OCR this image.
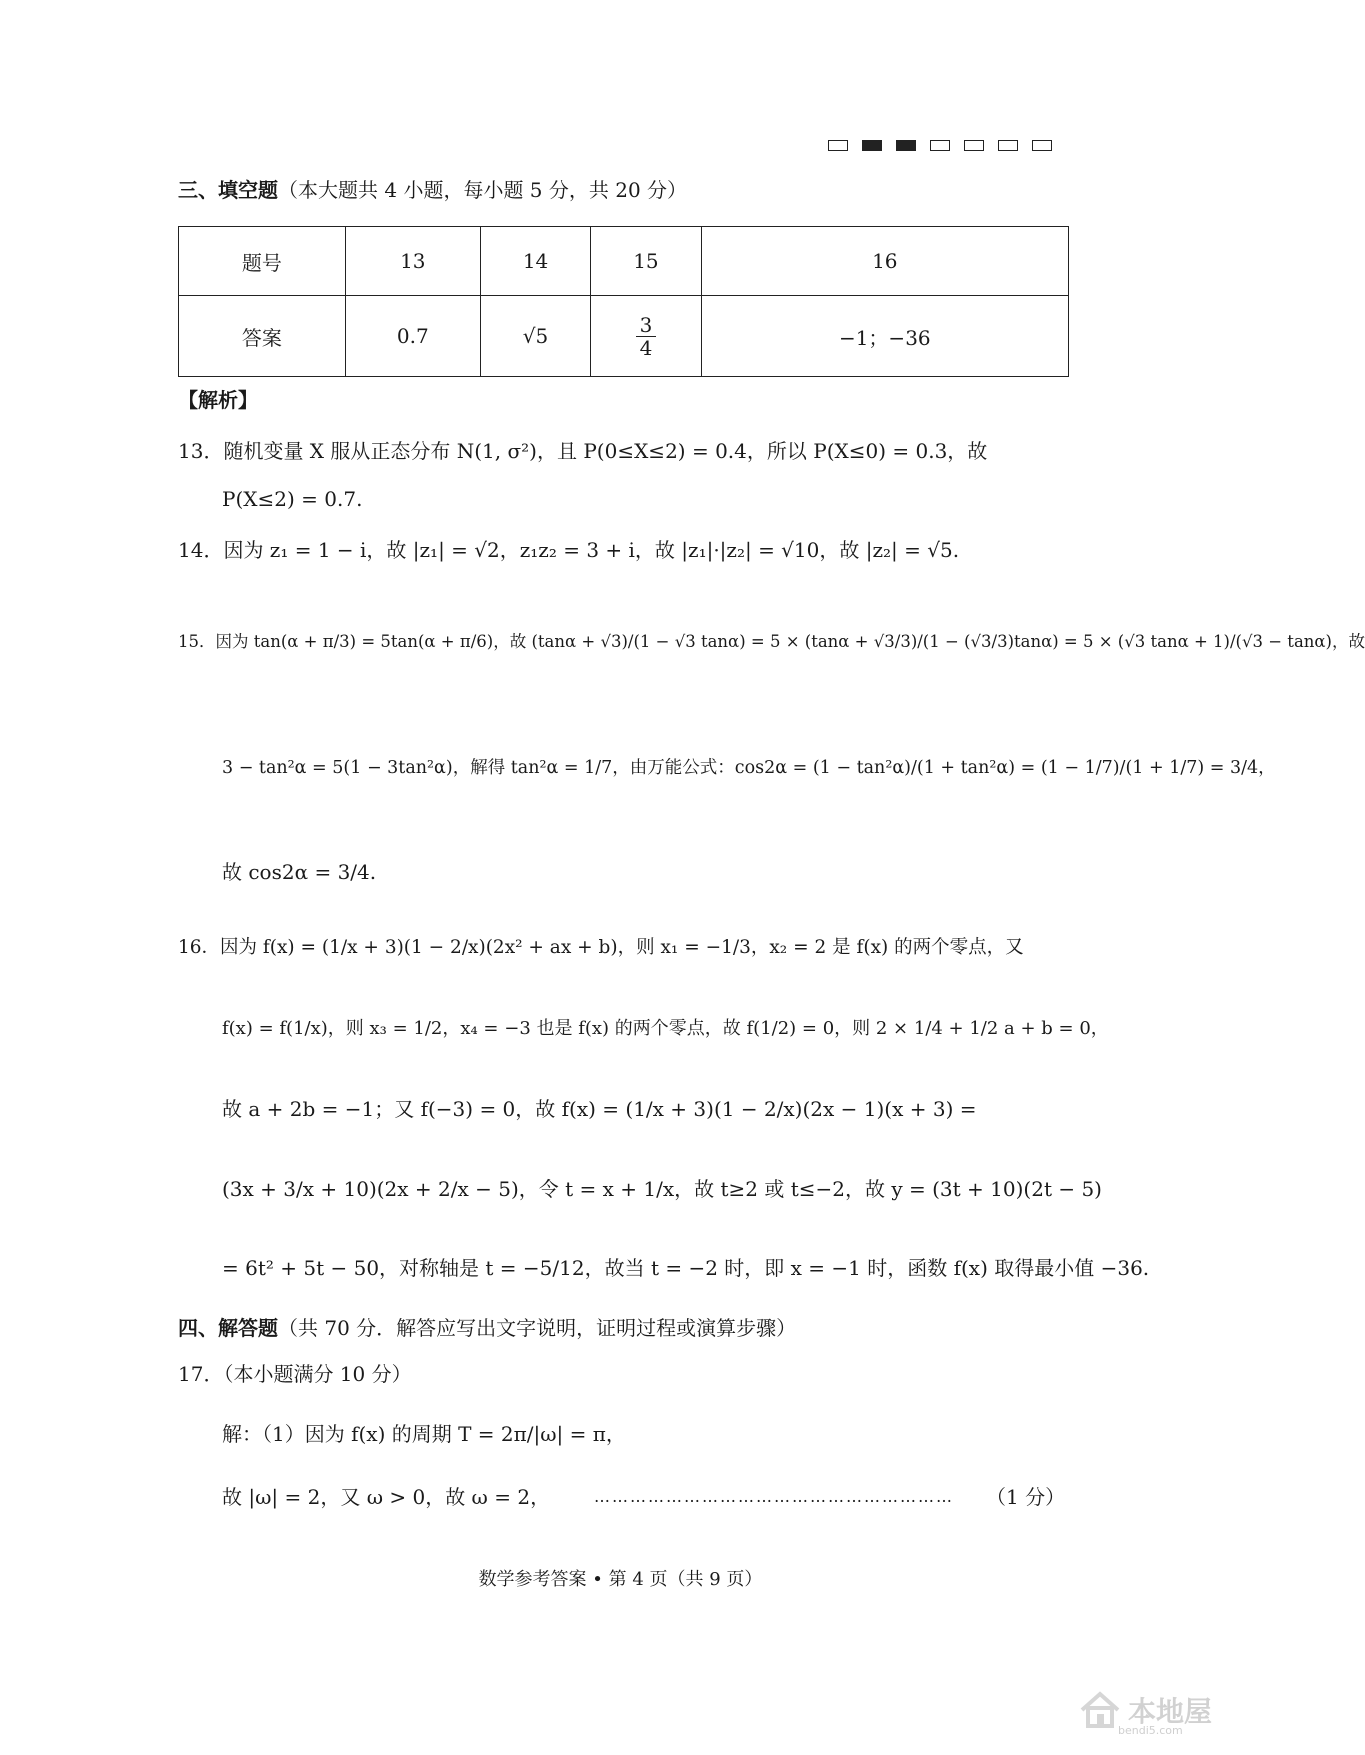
三、填空题（本大题共 4 小题，每小题 5 分，共 20 分）
题号	13	14	15	16
答案	0.7	√5	$\frac{3}{4}$	−1；−36
【解析】
13．随机变量 X 服从正态分布 N(1, σ²)，且 P(0≤X≤2) = 0.4，所以 P(X≤0) = 0.3，故
P(X≤2) = 0.7.
14．因为 z₁ = 1 − i，故 |z₁| = √2，z₁z₂ = 3 + i，故 |z₁|·|z₂| = √10，故 |z₂| = √5.
15．因为 tan(α + π/3) = 5tan(α + π/6)，故 (tanα + √3)/(1 − √3 tanα) = 5 × (tanα + √3/3)/(1 − (√3/3)tanα) = 5 × (√3 tanα + 1)/(√3 − tanα)，故
3 − tan²α = 5(1 − 3tan²α)，解得 tan²α = 1/7，由万能公式：cos2α = (1 − tan²α)/(1 + tan²α) = (1 − 1/7)/(1 + 1/7) = 3/4，
故 cos2α = 3/4.
16．因为 f(x) = (1/x + 3)(1 − 2/x)(2x² + ax + b)，则 x₁ = −1/3，x₂ = 2 是 f(x) 的两个零点，又
f(x) = f(1/x)，则 x₃ = 1/2，x₄ = −3 也是 f(x) 的两个零点，故 f(1/2) = 0，则 2 × 1/4 + 1/2 a + b = 0，
故 a + 2b = −1；又 f(−3) = 0，故 f(x) = (1/x + 3)(1 − 2/x)(2x − 1)(x + 3) =
(3x + 3/x + 10)(2x + 2/x − 5)，令 t = x + 1/x，故 t≥2 或 t≤−2，故 y = (3t + 10)(2t − 5)
= 6t² + 5t − 50，对称轴是 t = −5/12，故当 t = −2 时，即 x = −1 时，函数 f(x) 取得最小值 −36.
四、解答题（共 70 分．解答应写出文字说明，证明过程或演算步骤）
17．（本小题满分 10 分）
解：（1）因为 f(x) 的周期 T = 2π/|ω| = π，
故 |ω| = 2，又 ω > 0，故 ω = 2，	…………………………………………………… （1 分）
数学参考答案 • 第 4 页（共 9 页）
本地屋
bendi5.com
